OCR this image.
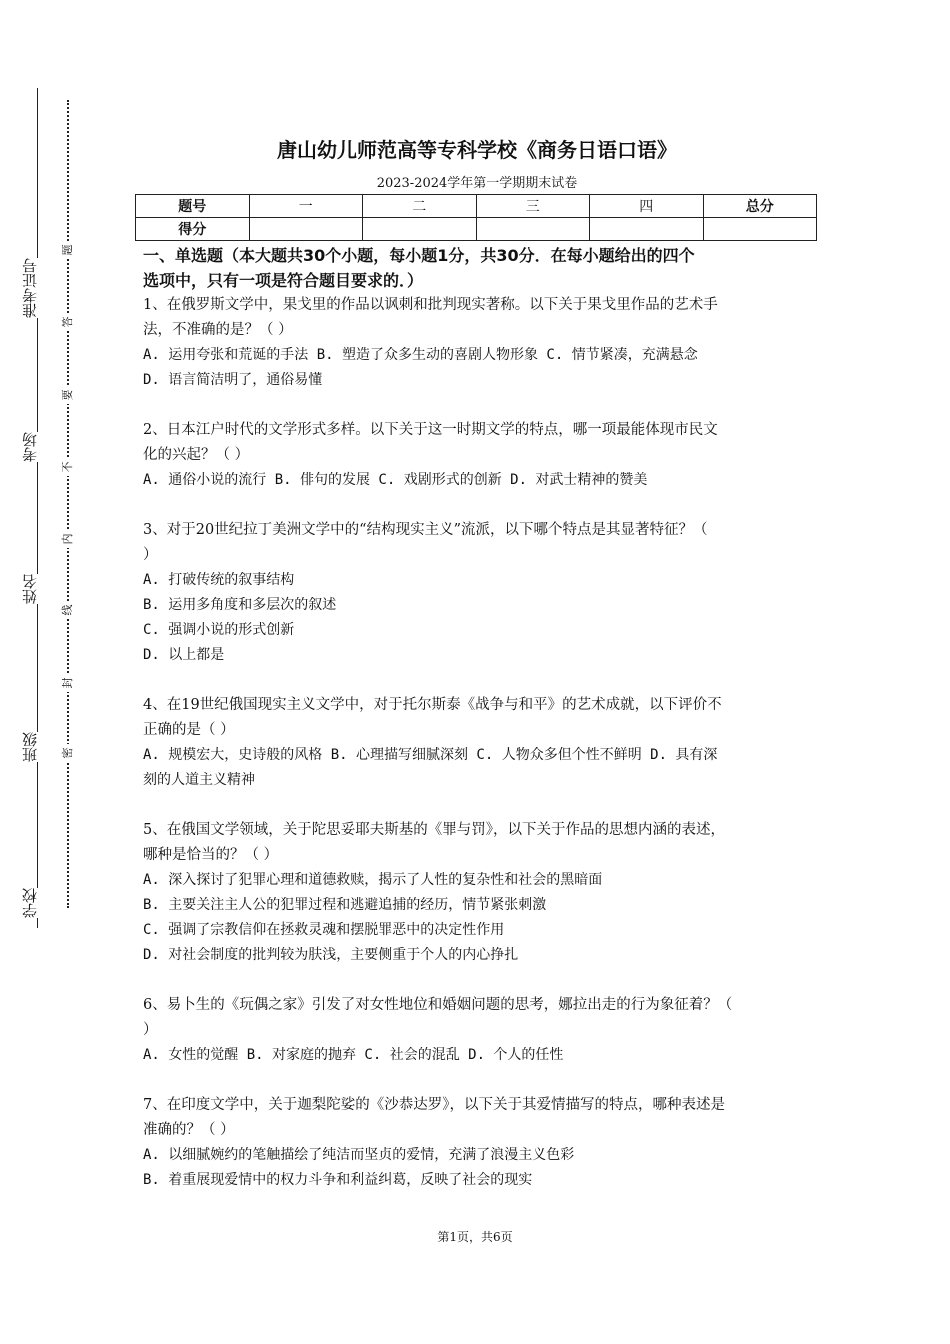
准考证号
考场
姓名
班级
学校
题
答
要
不
内
线
封
密
唐山幼儿师范高等专科学校《商务日语口语》
2023-2024学年第一学期期末试卷
题号	一	二	三	四	总分
得分					
一、单选题（本大题共30个小题，每小题1分，共30分．在每小题给出的四个
选项中，只有一项是符合题目要求的．）
1、在俄罗斯文学中，果戈里的作品以讽刺和批判现实著称。以下关于果戈里作品的艺术手
法，不准确的是？（ ）
A. 运用夸张和荒诞的手法 B. 塑造了众多生动的喜剧人物形象 C. 情节紧凑，充满悬念
D. 语言简洁明了，通俗易懂
2、日本江户时代的文学形式多样。以下关于这一时期文学的特点，哪一项最能体现市民文
化的兴起？（ ）
A. 通俗小说的流行 B. 俳句的发展 C. 戏剧形式的创新 D. 对武士精神的赞美
3、对于20世纪拉丁美洲文学中的“结构现实主义”流派，以下哪个特点是其显著特征？（
）
A. 打破传统的叙事结构
B. 运用多角度和多层次的叙述
C. 强调小说的形式创新
D. 以上都是
4、在19世纪俄国现实主义文学中，对于托尔斯泰《战争与和平》的艺术成就，以下评价不
正确的是（ ）
A. 规模宏大，史诗般的风格 B. 心理描写细腻深刻 C. 人物众多但个性不鲜明 D. 具有深
刻的人道主义精神
5、在俄国文学领域，关于陀思妥耶夫斯基的《罪与罚》，以下关于作品的思想内涵的表述，
哪种是恰当的？（ ）
A. 深入探讨了犯罪心理和道德救赎，揭示了人性的复杂性和社会的黑暗面
B. 主要关注主人公的犯罪过程和逃避追捕的经历，情节紧张刺激
C. 强调了宗教信仰在拯救灵魂和摆脱罪恶中的决定性作用
D. 对社会制度的批判较为肤浅，主要侧重于个人的内心挣扎
6、易卜生的《玩偶之家》引发了对女性地位和婚姻问题的思考，娜拉出走的行为象征着？（
）
A. 女性的觉醒 B. 对家庭的抛弃 C. 社会的混乱 D. 个人的任性
7、在印度文学中，关于迦梨陀娑的《沙恭达罗》，以下关于其爱情描写的特点，哪种表述是
准确的？（ ）
A. 以细腻婉约的笔触描绘了纯洁而坚贞的爱情，充满了浪漫主义色彩
B. 着重展现爱情中的权力斗争和利益纠葛，反映了社会的现实
第1页，共6页
